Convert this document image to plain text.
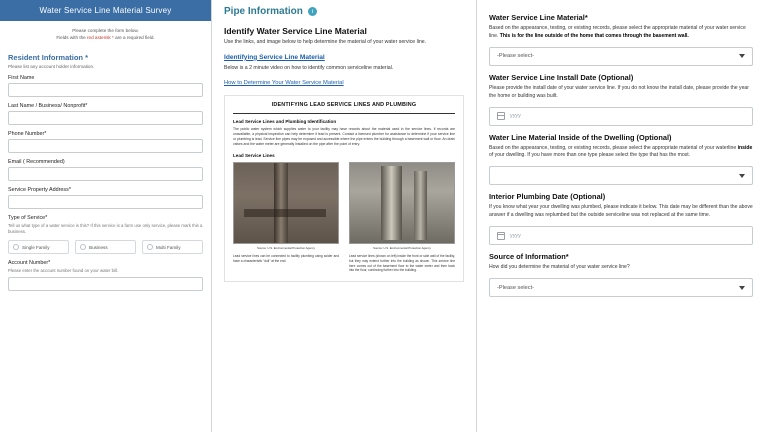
Water Service Line Material Survey
Please complete the form below.
Fields with the red asterisk * are a required field.
Resident Information *
Please list any account holder information.
First Name
Last Name / Business/ Nonprofit*
Phone Number*
Email ( Recommended)
Service Property Address*
Type of Service*
Tell us what type of a water service is this? If this service is a farm use only service, please mark this a business.
Single Family	Business	Multi Family
Account Number*
Please enter the account number found on your water bill.
Pipe Information	i
Identify Water Service Line Material
Use the links, and image below to help determine the material of your water service line.
Identifying Service Line Material
Below is a 2 minute video on how to identify common serviceline material.
How to Determine Your Water Service Material
IDENTIFYING LEAD SERVICE LINES AND PLUMBING
Lead Service Lines and Plumbing Identification
The public water system which supplies water to your facility may have records about the material used in the service lines. If records are unavailable, a physical inspection can help determine if lead is present. Contact a licensed plumber for assistance to determine if your service line or plumbing is lead. Service line pipes may be exposed and accessible where the pipe enters the building through a basement wall or floor. An drain valves and the water meter are generally installed on the pipe after the point of entry.
Lead Service Lines
Source: U.S. Environmental Protection Agency	Source: U.S. Environmental Protection Agency
Lead service lines can be connected to facility plumbing using solder and have a characteristic "dull" at the end.
Lead service lines (shown on left) inside the front or side wall of the facility, but they may extend further into the building as shown. This service line here comes out of the basement floor to the water meter and then back into the floor, continuing further into the building.
Water Service Line Material*
Based on the appearance, testing, or existing records, please select the appropriate material of your water service line. This is for the line outside of the home that comes through the basement wall.
-Please select-
Water Service Line Install Date (Optional)
Please provide the install date of your water service line. If you do not know the install date, please provide the year the home or building was built.
yyyy
Water Line Material Inside of the Dwelling (Optional)
Based on the appearance, testing, or existing records, please select the appropriate material of your waterline inside of your dwelling. If you have more than one type please select the type that has the most.
Interior Plumbing Date (Optional)
If you know what year your dwelling was plumbed, please indicate it below. This date may be different than the above answer if a dwelling was replumbed but the outside serviceline was not replaced at the same time.
yyyy
Source of Information*
How did you determine the material of your water service line?
-Please select-
